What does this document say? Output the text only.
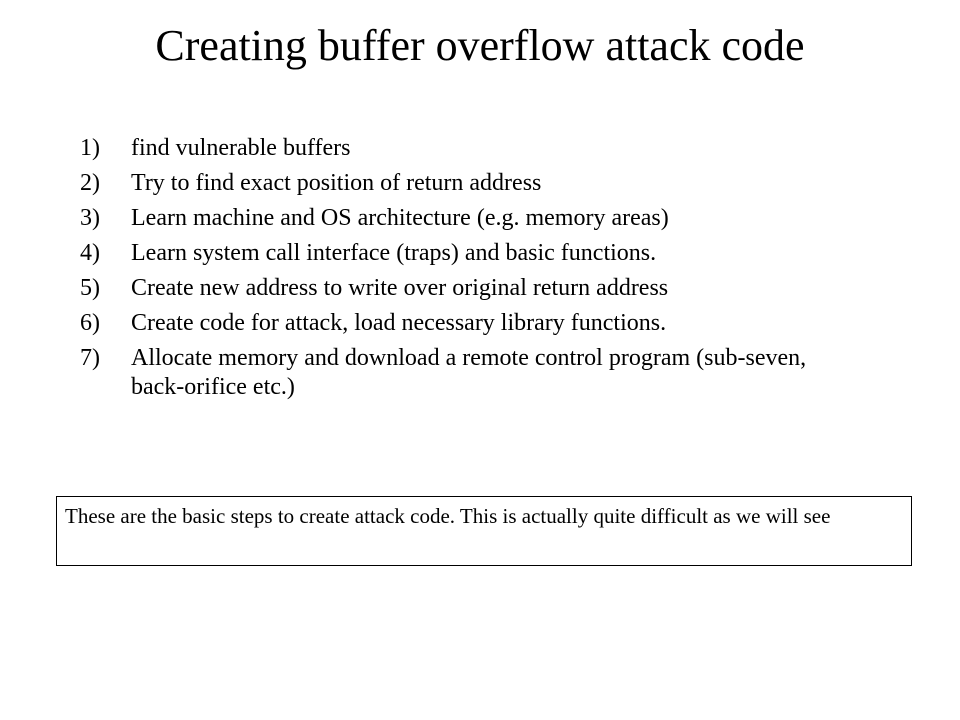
Creating buffer overflow attack code
1)	find vulnerable buffers
2)	Try to find exact position of return address
3)	Learn machine and OS architecture (e.g. memory areas)
4)	Learn system call interface (traps) and basic functions.
5)	Create new address to write over original return address
6)	Create code for attack, load necessary library functions.
7)	Allocate memory and download a remote control program (sub-seven, back-orifice etc.)
These are the basic steps to create attack code. This is actually quite difficult as we will see
